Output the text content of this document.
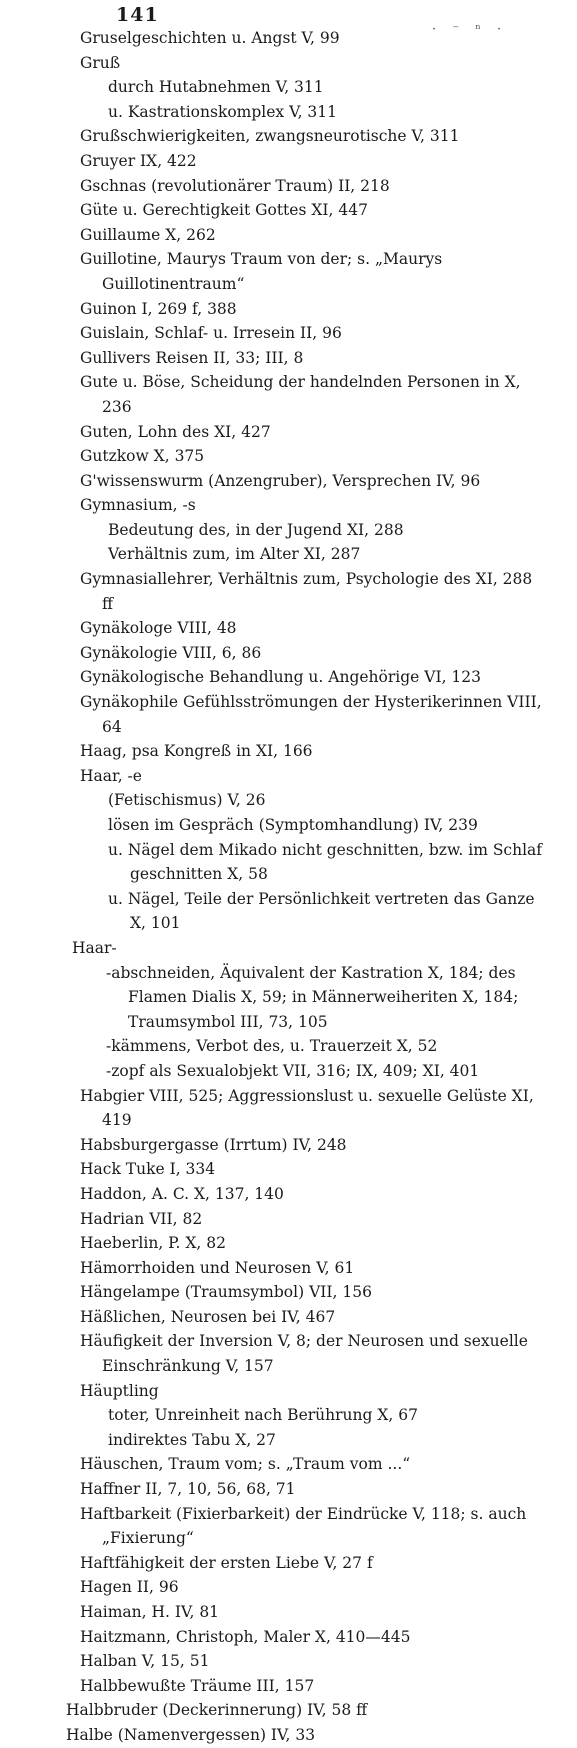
141
· ⁻ ⁿ ·

Gruselgeschichten u. Angst V, 99

Gruß

durch Hutabnehmen V, 311

u. Kastrationskomplex V, 311

Grußschwierigkeiten, zwangsneurotische V, 311

Gruyer IX, 422

Gschnas (revolutionärer Traum) II, 218

Güte u. Gerechtigkeit Gottes XI, 447

Guillaume X, 262

Guillotine, Maurys Traum von der; s. „Maurys Guillotinentraum“

Guinon I, 269 f, 388

Guislain, Schlaf- u. Irresein II, 96

Gullivers Reisen II, 33; III, 8

Gute u. Böse, Scheidung der handelnden Personen in X, 236

Guten, Lohn des XI, 427

Gutzkow X, 375

G'wissenswurm (Anzengruber), Versprechen IV, 96

Gymnasium, -s

Bedeutung des, in der Jugend XI, 288

Verhältnis zum, im Alter XI, 287

Gymnasiallehrer, Verhältnis zum, Psychologie des XI, 288 ff

Gynäkologe VIII, 48

Gynäkologie VIII, 6, 86

Gynäkologische Behandlung u. Angehörige VI, 123

Gynäkophile Gefühlsströmungen der Hysterikerinnen VIII, 64

Haag, psa Kongreß in XI, 166

Haar, -e

(Fetischismus) V, 26

lösen im Gespräch (Symptomhandlung) IV, 239

u. Nägel dem Mikado nicht geschnitten, bzw. im Schlaf geschnitten X, 58

u. Nägel, Teile der Persönlichkeit vertreten das Ganze X, 101

Haar-

-abschneiden, Äquivalent der Kastration X, 184; des Flamen Dialis X, 59; in Männerweiheriten X, 184; Traumsymbol III, 73, 105

-kämmens, Verbot des, u. Trauerzeit X, 52

-zopf als Sexualobjekt VII, 316; IX, 409; XI, 401

Habgier VIII, 525; Aggressionslust u. sexuelle Gelüste XI, 419

Habsburgergasse (Irrtum) IV, 248

Hack Tuke I, 334

Haddon, A. C. X, 137, 140

Hadrian VII, 82

Haeberlin, P. X, 82

Hämorrhoiden und Neurosen V, 61

Hängelampe (Traumsymbol) VII, 156

Häßlichen, Neurosen bei IV, 467

Häufigkeit der Inversion V, 8; der Neurosen und sexuelle Einschränkung V, 157

Häuptling

toter, Unreinheit nach Berührung X, 67

indirektes Tabu X, 27

Häuschen, Traum vom; s. „Traum vom ...“

Haffner II, 7, 10, 56, 68, 71

Haftbarkeit (Fixierbarkeit) der Eindrücke V, 118; s. auch „Fixierung“

Haftfähigkeit der ersten Liebe V, 27 f

Hagen II, 96

Haiman, H. IV, 81

Haitzmann, Christoph, Maler X, 410—445

Halban V, 15, 51

Halbbewußte Träume III, 157

Halbbruder (Deckerinnerung) IV, 58 ff

Halbe (Namenvergessen) IV, 33
